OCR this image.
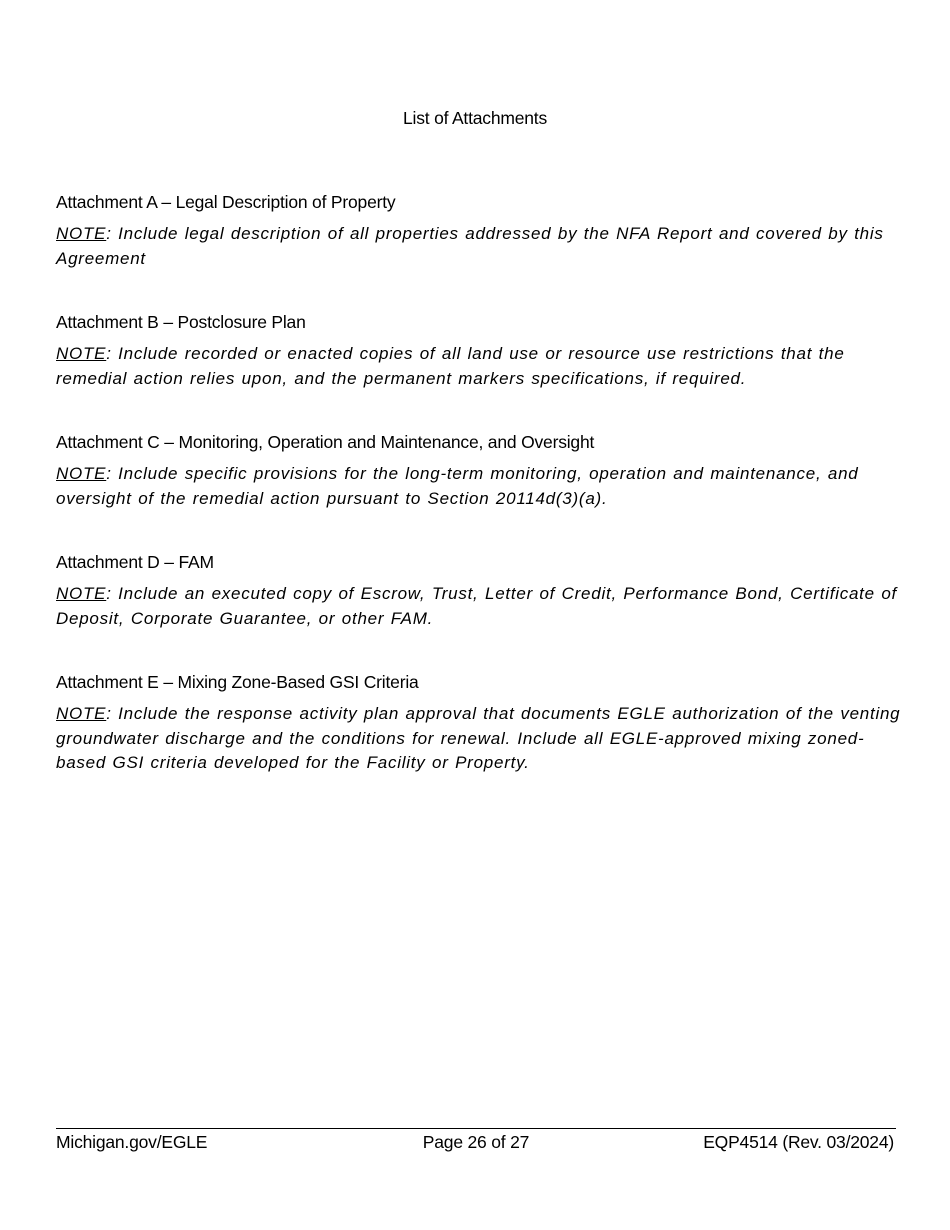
List of Attachments

Attachment A – Legal Description of Property

NOTE: Include legal description of all properties addressed by the NFA Report and covered by this Agreement

Attachment B – Postclosure Plan

NOTE: Include recorded or enacted copies of all land use or resource use restrictions that the remedial action relies upon, and the permanent markers specifications, if required.

Attachment C – Monitoring, Operation and Maintenance, and Oversight

NOTE: Include specific provisions for the long-term monitoring, operation and maintenance, and oversight of the remedial action pursuant to Section 20114d(3)(a).

Attachment D – FAM

NOTE: Include an executed copy of Escrow, Trust, Letter of Credit, Performance Bond, Certificate of Deposit, Corporate Guarantee, or other FAM.

Attachment E – Mixing Zone-Based GSI Criteria

NOTE: Include the response activity plan approval that documents EGLE authorization of the venting groundwater discharge and the conditions for renewal. Include all EGLE-approved mixing zoned-based GSI criteria developed for the Facility or Property.
Michigan.gov/EGLE	Page 26 of 27	EQP4514 (Rev. 03/2024)
